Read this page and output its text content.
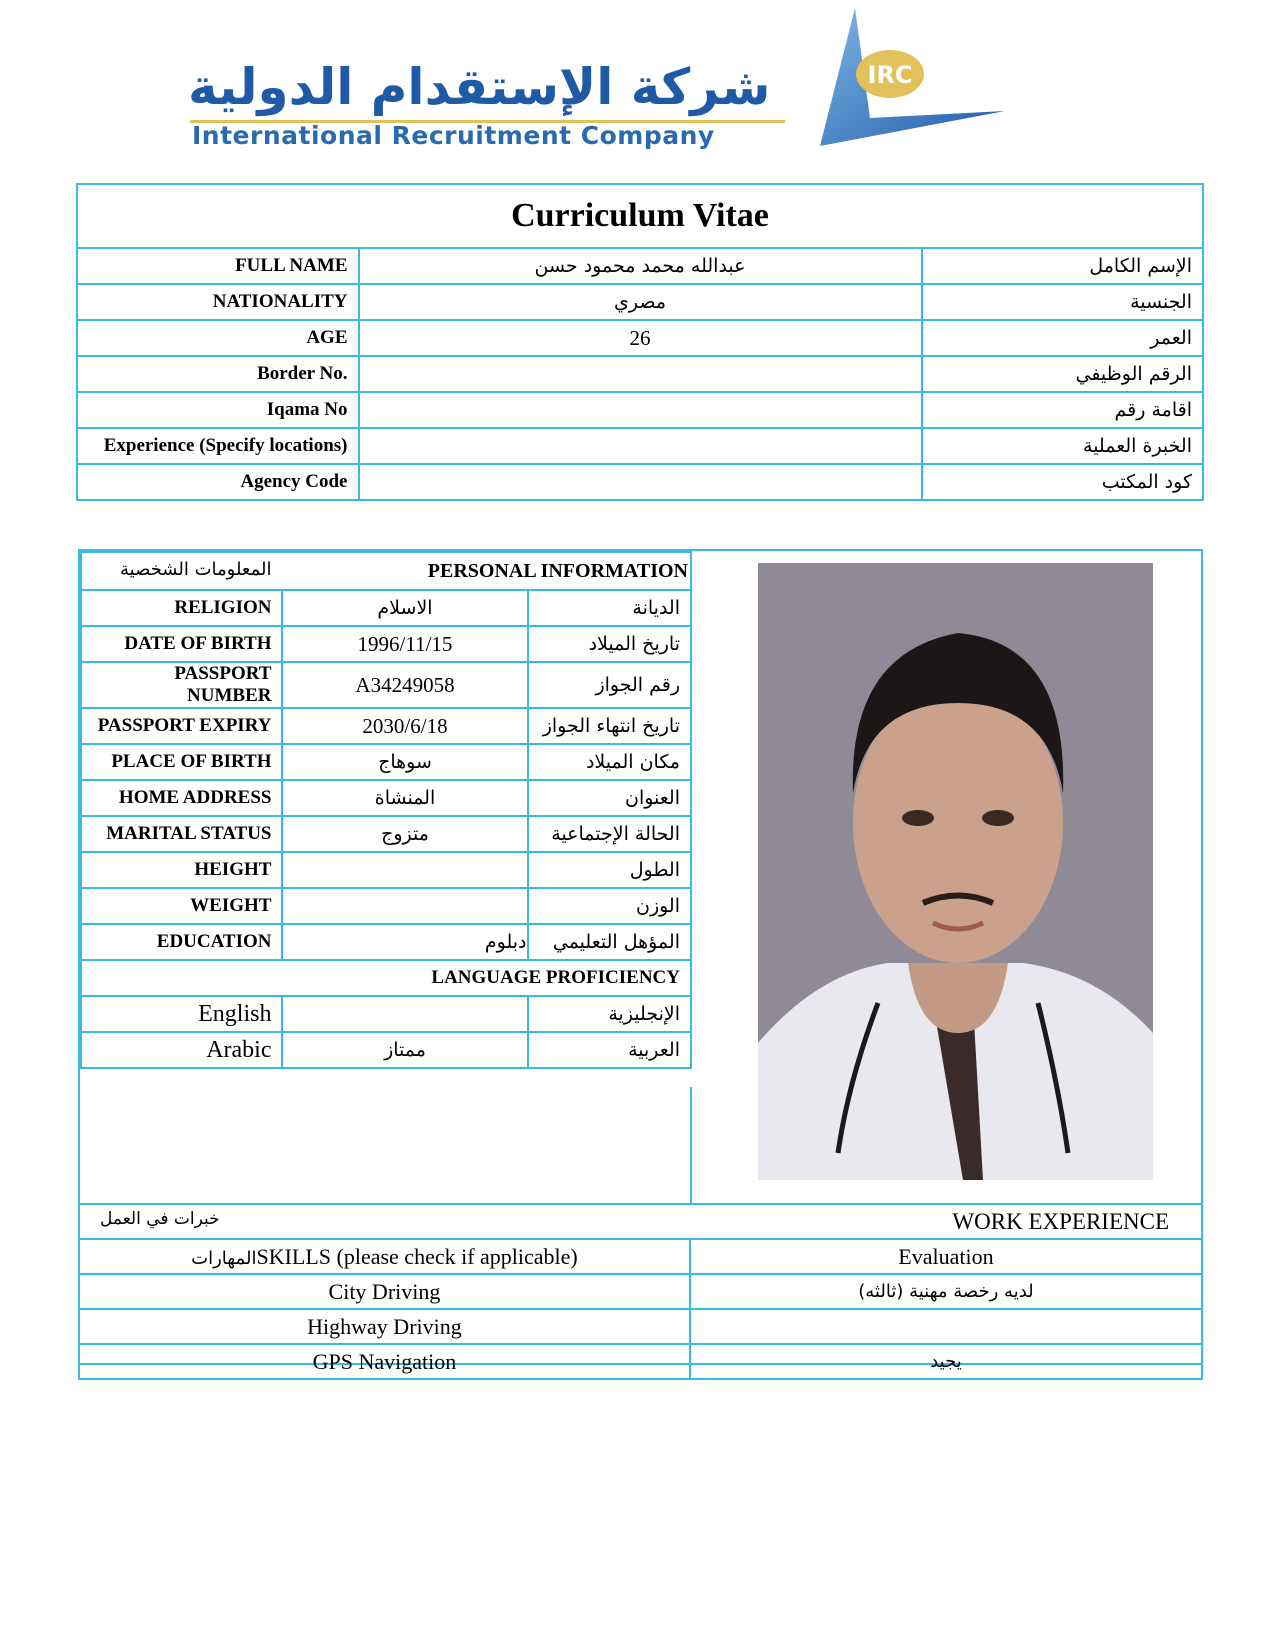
شركة الإستقدام الدولية
International Recruitment Company
IRC
Curriculum Vitae		
FULL NAME	عبدالله محمد محمود حسن	الإسم الكامل
NATIONALITY	مصري	الجنسية
AGE	26	العمر
Border No.		الرقم الوظيفي
Iqama No		اقامة رقم
Experience (Specify locations)		الخبرة العملية
Agency Code		كود المكتب
المعلومات الشخصية PERSONAL INFORMATION		

RELIGION	الاسلام	الديانة
DATE OF BIRTH	1996/11/15	تاريخ الميلاد
PASSPORT NUMBER	A34249058	رقم الجواز
PASSPORT EXPIRY	2030/6/18	تاريخ انتهاء الجواز
PLACE OF BIRTH	سوهاج	مكان الميلاد
HOME ADDRESS	المنشاة	العنوان
MARITAL STATUS	متزوج	الحالة الإجتماعية
HEIGHT		الطول
WEIGHT		الوزن
EDUCATION	دبلوم	المؤهل التعليمي
LANGUAGE PROFICIENCY		
English		الإنجليزية
Arabic	ممتاز	العربية
خبرات في العمل WORK EXPERIENCE	

المهاراتSKILLS (please check if applicable)	Evaluation
City Driving	لديه رخصة مهنية (ثالثه)
Highway Driving	
GPS Navigation	يجيد
